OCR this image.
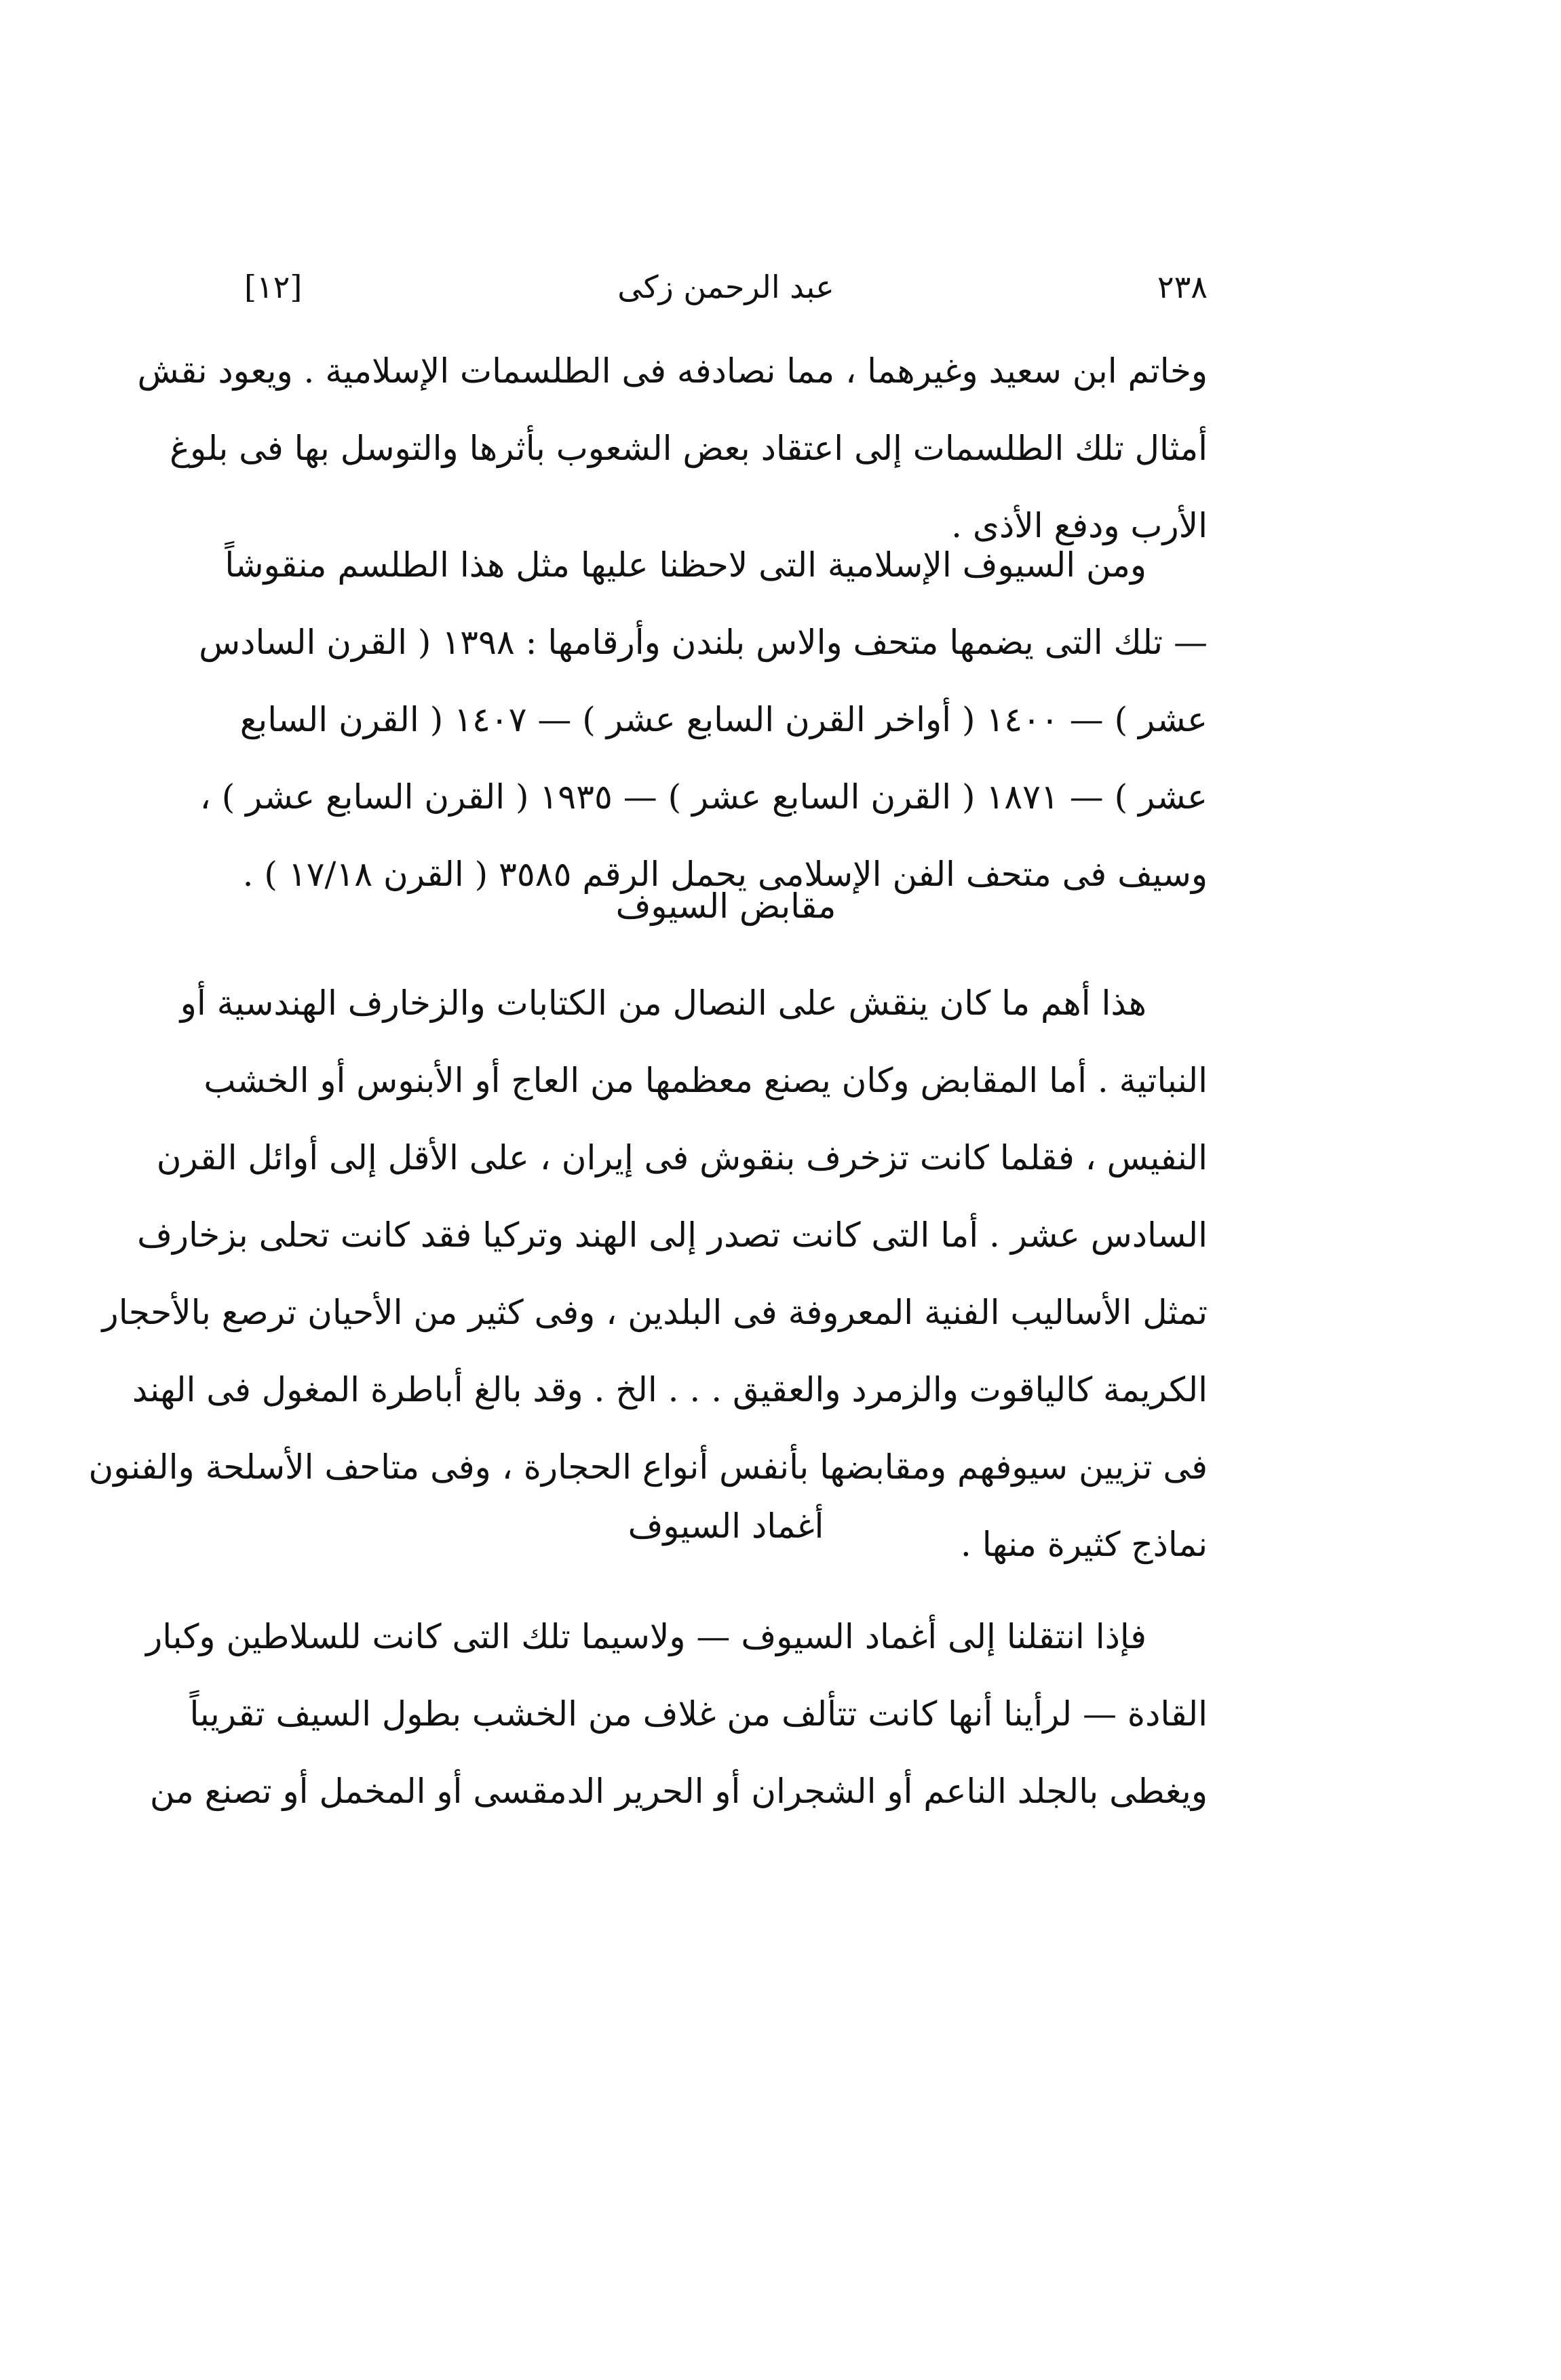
[١٢]	عبد الرحمن زكى	٢٣٨
وخاتم ابن سعيد وغيرهما ، مما نصادفه فى الطلسمات الإسلامية . ويعود نقش
أمثال تلك الطلسمات إلى اعتقاد بعض الشعوب بأثرها والتوسل بها فى بلوغ
الأرب ودفع الأذى .
ومن السيوف الإسلامية التى لاحظنا عليها مثل هذا الطلسم منقوشاً
— تلك التى يضمها متحف والاس بلندن وأرقامها : ١٣٩٨ ( القرن السادس
عشر ) — ١٤٠٠ ( أواخر القرن السابع عشر ) — ١٤٠٧ ( القرن السابع
عشر ) — ١٨٧١ ( القرن السابع عشر ) — ١٩٣٥ ( القرن السابع عشر ) ،
وسيف فى متحف الفن الإسلامى يحمل الرقم ٣٥٨٥ ( القرن ١٧/١٨ ) .
مقابض السيوف
هذا أهم ما كان ينقش على النصال من الكتابات والزخارف الهندسية أو
النباتية . أما المقابض وكان يصنع معظمها من العاج أو الأبنوس أو الخشب
النفيس ، فقلما كانت تزخرف بنقوش فى إيران ، على الأقل إلى أوائل القرن
السادس عشر . أما التى كانت تصدر إلى الهند وتركيا فقد كانت تحلى بزخارف
تمثل الأساليب الفنية المعروفة فى البلدين ، وفى كثير من الأحيان ترصع بالأحجار
الكريمة كالياقوت والزمرد والعقيق . . . الخ . وقد بالغ أباطرة المغول فى الهند
فى تزيين سيوفهم ومقابضها بأنفس أنواع الحجارة ، وفى متاحف الأسلحة والفنون
نماذج كثيرة منها .
أغماد السيوف
فإذا انتقلنا إلى أغماد السيوف — ولاسيما تلك التى كانت للسلاطين وكبار
القادة — لرأينا أنها كانت تتألف من غلاف من الخشب بطول السيف تقريباً
ويغطى بالجلد الناعم أو الشجران أو الحرير الدمقسى أو المخمل أو تصنع من
